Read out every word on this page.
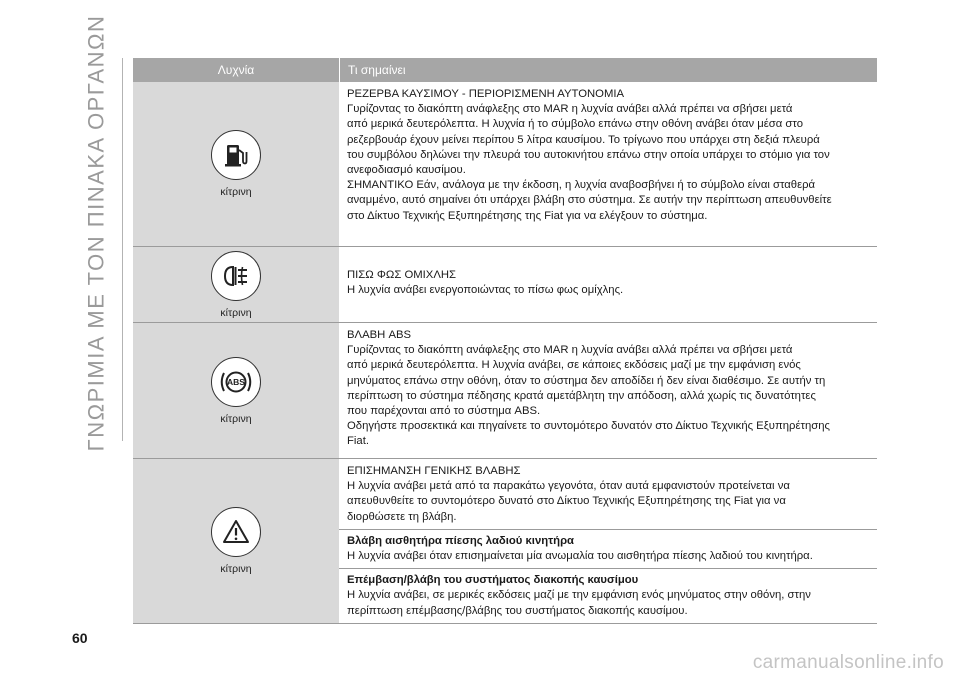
ΓΝΩΡΙΜΙΑ ΜΕ ΤΟΝ ΠΙΝΑΚΑ ΟΡΓΑΝΩΝ	Λυχνία	Τι σημαίνει
κίτρινη
ΡΕΖΕΡΒΑ ΚΑΥΣΙΜΟΥ - ΠΕΡΙΟΡΙΣΜΕΝΗ ΑΥΤΟΝΟΜΙΑ
Γυρίζοντας το διακόπτη ανάφλεξης στο MAR η λυχνία ανάβει αλλά πρέπει να σβήσει μετά
από μερικά δευτερόλεπτα. Η λυχνία ή το σύμβολο επάνω στην οθόνη ανάβει όταν μέσα στο
ρεζερβουάρ έχουν μείνει περίπου 5 λίτρα καυσίμου. Το τρίγωνο που υπάρχει στη δεξιά πλευρά
του συμβόλου δηλώνει την πλευρά του αυτοκινήτου επάνω στην οποία υπάρχει το στόμιο για τον
ανεφοδιασμό καυσίμου.
ΣΗΜΑΝΤΙΚΟ Εάν, ανάλογα με την έκδοση, η λυχνία αναβοσβήνει ή το σύμβολο είναι σταθερά
αναμμένο, αυτό σημαίνει ότι υπάρχει βλάβη στο σύστημα. Σε αυτήν την περίπτωση απευθυνθείτε
στο Δίκτυο Τεχνικής Εξυπηρέτησης της Fiat για να ελέγξουν το σύστημα.
κίτρινη
ΠΙΣΩ ΦΩΣ ΟΜΙΧΛΗΣ
Η λυχνία ανάβει ενεργοποιώντας το πίσω φως ομίχλης.
ABS
κίτρινη
ΒΛΑΒΗ ABS
Γυρίζοντας το διακόπτη ανάφλεξης στο MAR η λυχνία ανάβει αλλά πρέπει να σβήσει μετά
από μερικά δευτερόλεπτα. Η λυχνία ανάβει, σε κάποιες εκδόσεις μαζί με την εμφάνιση ενός
μηνύματος επάνω στην οθόνη, όταν το σύστημα δεν αποδίδει ή δεν είναι διαθέσιμο. Σε αυτήν τη
περίπτωση το σύστημα πέδησης κρατά αμετάβλητη την απόδοση, αλλά χωρίς τις δυνατότητες
που παρέχονται από το σύστημα ABS.
Οδηγήστε προσεκτικά και πηγαίνετε το συντομότερο δυνατόν στο Δίκτυο Τεχνικής Εξυπηρέτησης
Fiat.
κίτρινη
ΕΠΙΣΗΜΑΝΣΗ ΓΕΝΙΚΗΣ ΒΛΑΒΗΣ
Η λυχνία ανάβει μετά από τα παρακάτω γεγονότα, όταν αυτά εμφανιστούν προτείνεται να
απευθυνθείτε το συντομότερο δυνατό στο Δίκτυο Τεχνικής Εξυπηρέτησης της Fiat για να
διορθώσετε τη βλάβη.
Βλάβη αισθητήρα πίεσης λαδιού κινητήρα
Η λυχνία ανάβει όταν επισημαίνεται μία ανωμαλία του αισθητήρα πίεσης λαδιού του κινητήρα.
Επέμβαση/βλάβη του συστήματος διακοπής καυσίμου
Η λυχνία ανάβει, σε μερικές εκδόσεις μαζί με την εμφάνιση ενός μηνύματος στην οθόνη, στην
περίπτωση επέμβασης/βλάβης του συστήματος διακοπής καυσίμου.
60
carmanualsonline.info
